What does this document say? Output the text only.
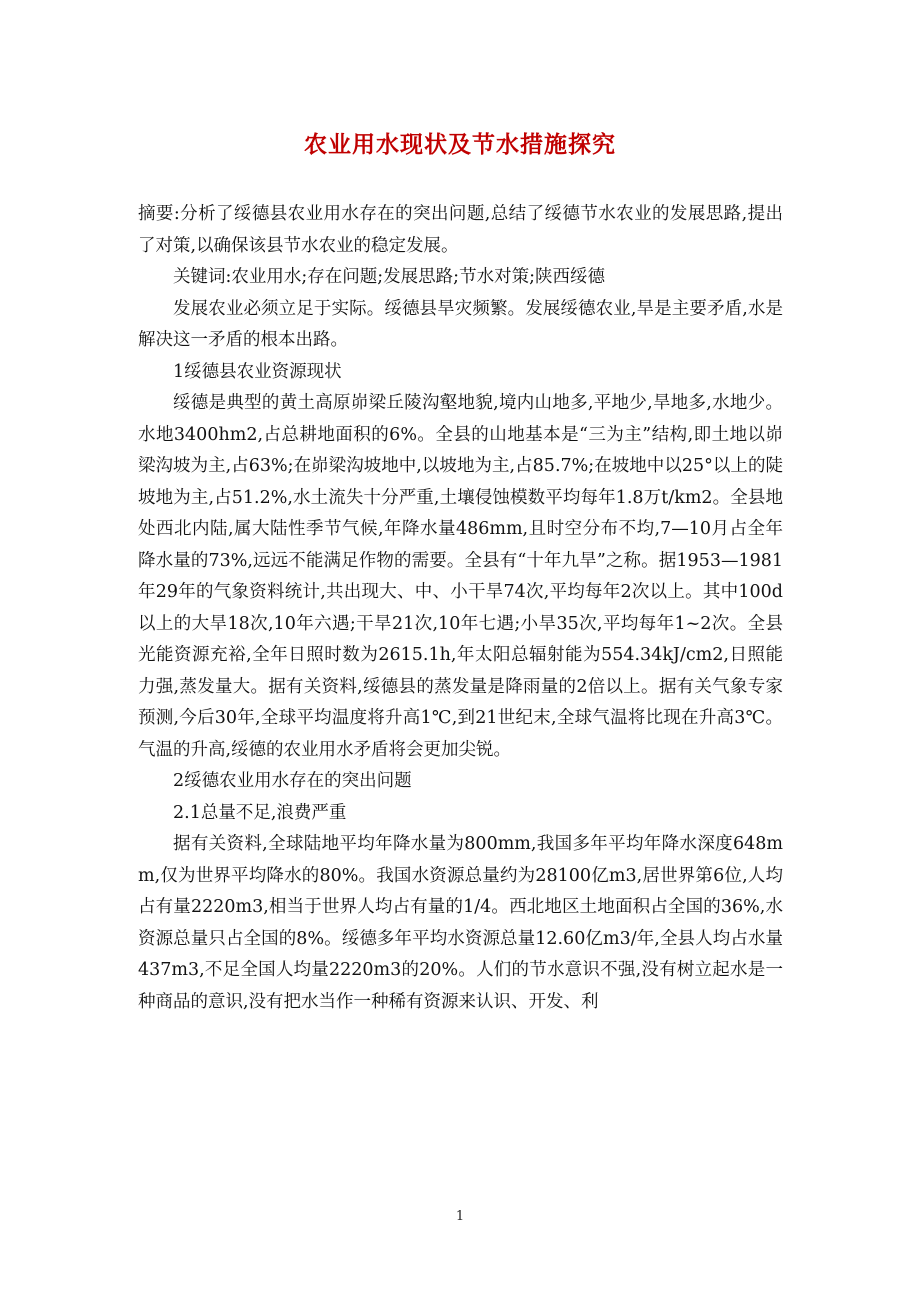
农业用水现状及节水措施探究

摘要:分析了绥德县农业用水存在的突出问题,总结了绥德节水农业的发展思路,提出了对策,以确保该县节水农业的稳定发展。

关键词:农业用水;存在问题;发展思路;节水对策;陕西绥德

发展农业必须立足于实际。绥德县旱灾频繁。发展绥德农业,旱是主要矛盾,水是解决这一矛盾的根本出路。

1绥德县农业资源现状

绥德是典型的黄土高原峁梁丘陵沟壑地貌,境内山地多,平地少,旱地多,水地少。水地3400hm2,占总耕地面积的6%。全县的山地基本是“三为主”结构,即土地以峁梁沟坡为主,占63%;在峁梁沟坡地中,以坡地为主,占85.7%;在坡地中以25°以上的陡坡地为主,占51.2%,水土流失十分严重,土壤侵蚀模数平均每年1.8万t/km2。全县地处西北内陆,属大陆性季节气候,年降水量486mm,且时空分布不均,7—10月占全年降水量的73%,远远不能满足作物的需要。全县有“十年九旱”之称。据1953—1981年29年的气象资料统计,共出现大、中、小干旱74次,平均每年2次以上。其中100d以上的大旱18次,10年六遇;干旱21次,10年七遇;小旱35次,平均每年1~2次。全县光能资源充裕,全年日照时数为2615.1h,年太阳总辐射能为554.34kJ/cm2,日照能力强,蒸发量大。据有关资料,绥德县的蒸发量是降雨量的2倍以上。据有关气象专家预测,今后30年,全球平均温度将升高1℃,到21世纪末,全球气温将比现在升高3℃。气温的升高,绥德的农业用水矛盾将会更加尖锐。

2绥德农业用水存在的突出问题

2.1总量不足,浪费严重

据有关资料,全球陆地平均年降水量为800mm,我国多年平均年降水深度648mm,仅为世界平均降水的80%。我国水资源总量约为28100亿m3,居世界第6位,人均占有量2220m3,相当于世界人均占有量的1/4。西北地区土地面积占全国的36%,水资源总量只占全国的8%。绥德多年平均水资源总量12.60亿m3/年,全县人均占水量437m3,不足全国人均量2220m3的20%。人们的节水意识不强,没有树立起水是一种商品的意识,没有把水当作一种稀有资源来认识、开发、利

1
